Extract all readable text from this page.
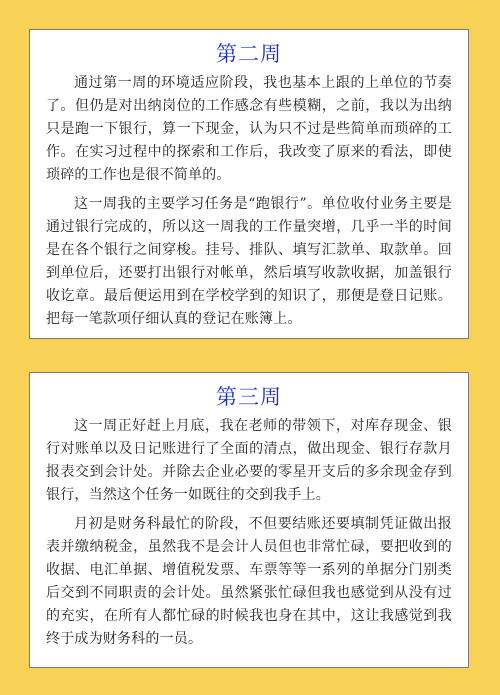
第二周

通过第一周的环境适应阶段，我也基本上跟的上单位的节奏了。但仍是对出纳岗位的工作感念有些模糊，之前，我以为出纳只是跑一下银行，算一下现金，认为只不过是些简单而琐碎的工作。在实习过程中的探索和工作后，我改变了原来的看法，即使琐碎的工作也是很不简单的。

这一周我的主要学习任务是“跑银行”。单位收付业务主要是通过银行完成的，所以这一周我的工作量突增，几乎一半的时间是在各个银行之间穿梭。挂号、排队、填写汇款单、取款单。回到单位后，还要打出银行对帐单，然后填写收款收据，加盖银行收讫章。最后便运用到在学校学到的知识了，那便是登日记账。把每一笔款项仔细认真的登记在账簿上。

第三周

这一周正好赶上月底，我在老师的带领下，对库存现金、银行对账单以及日记账进行了全面的清点，做出现金、银行存款月报表交到会计处。并除去企业必要的零星开支后的多余现金存到银行，当然这个任务一如既往的交到我手上。

月初是财务科最忙的阶段，不但要结账还要填制凭证做出报表并缴纳税金，虽然我不是会计人员但也非常忙碌，要把收到的收据、电汇单据、增值税发票、车票等等一系列的单据分门别类后交到不同职责的会计处。虽然紧张忙碌但我也感觉到从没有过的充实，在所有人都忙碌的时候我也身在其中，这让我感觉到我终于成为财务科的一员。
